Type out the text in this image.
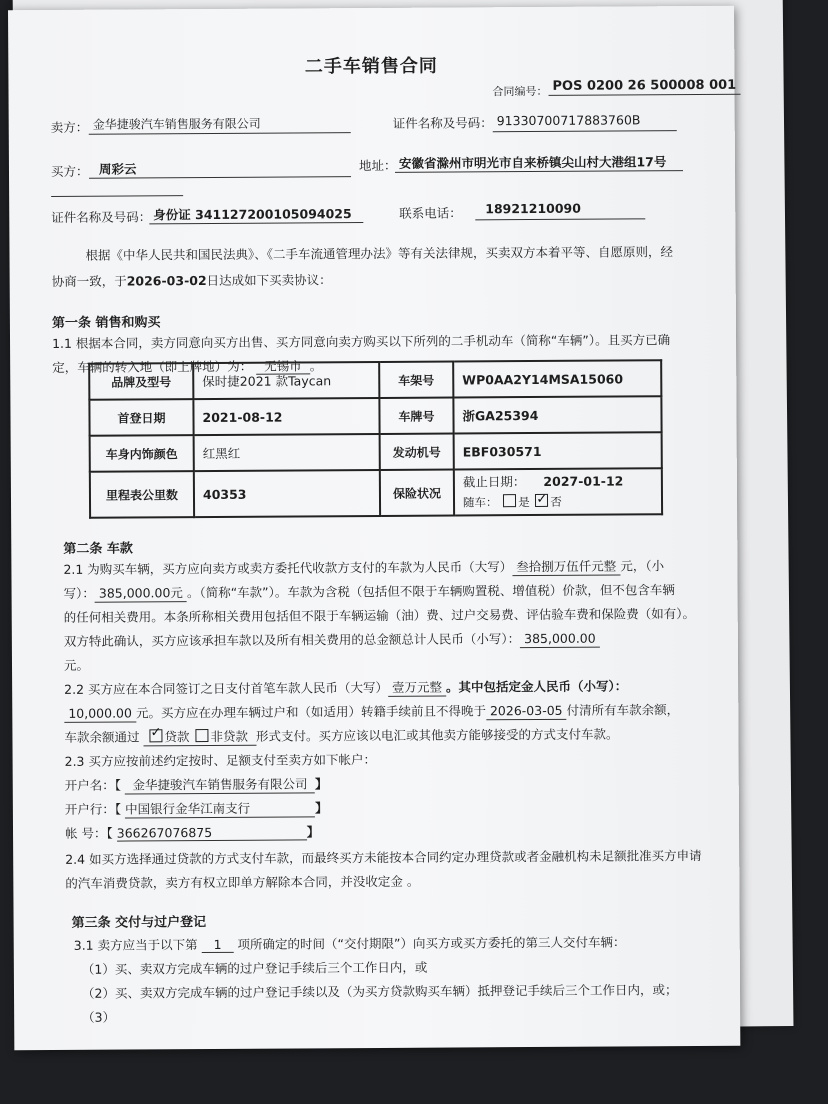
二手车销售合同
合同编号： POS 0200 26 500008 001
卖方： 金华捷骏汽车销售服务有限公司	证件名称及号码： 91330700717883760B
买方： 周彩云	地址： 安徽省滁州市明光市自来桥镇尖山村大港组17号
证件名称及号码： 身份证 341127200105094025	联系电话： 18921210090
根据《中华人民共和国民法典》、《二手车流通管理办法》等有关法律规，买卖双方本着平等、自愿原则，经
协商一致，于2026-03-02日达成如下买卖协议：
第一条 销售和购买
1.1 根据本合同，卖方同意向买方出售、买方同意向卖方购买以下所列的二手机动车（简称“车辆”）。且买方已确
定，车辆的转入地（即上牌地）为： 无锡市 。
品牌及型号	保时捷2021 款Taycan	车架号	WP0AA2Y14MSA15060
首登日期	2021-08-12	车牌号	浙GA25394
车身内饰颜色	红黑红	发动机号	EBF030571
里程表公里数	40353	保险状况	截止日期： 2027-01-12
随车： 是 ✓ 否
第二条 车款
2.1 为购买车辆，买方应向卖方或卖方委托代收款方支付的车款为人民币（大写） 叁拾捌万伍仟元整 元，（小
写）： 385,000.00元 。（简称“车款”）。车款为含税（包括但不限于车辆购置税、增值税）价款，但不包含车辆
的任何相关费用。本条所称相关费用包括但不限于车辆运输（油）费、过户交易费、评估验车费和保险费（如有）。
双方特此确认，买方应该承担车款以及所有相关费用的总金额总计人民币（小写）： 385,000.00
元。
2.2 买方应在本合同签订之日支付首笔车款人民币（大写） 壹万元整 。其中包括定金人民币（小写）：
10,000.00 元。买方应在办理车辆过户和（如适用）转籍手续前且不得晚于 2026-03-05 付清所有车款余额，
车款余额通过 ✓ 贷款 非贷款 形式支付。买方应该以电汇或其他卖方能够接受的方式支付车款。
2.3 买方应按前述约定按时、足额支付至卖方如下帐户：
开户名：【 金华捷骏汽车销售服务有限公司 】
开户行：【 中国银行金华江南支行	】
帐 号：【 366267076875	】
2.4 如买方选择通过贷款的方式支付车款，而最终买方未能按本合同约定办理贷款或者金融机构未足额批准买方申请
的汽车消费贷款，卖方有权立即单方解除本合同，并没收定金 。
第三条 交付与过户登记
3.1 卖方应当于以下第 1 项所确定的时间（“交付期限”）向买方或买方委托的第三人交付车辆：
（1）买、卖双方完成车辆的过户登记手续后三个工作日内，或
（2）买、卖双方完成车辆的过户登记手续以及（为买方贷款购买车辆）抵押登记手续后三个工作日内，或；
（3）
